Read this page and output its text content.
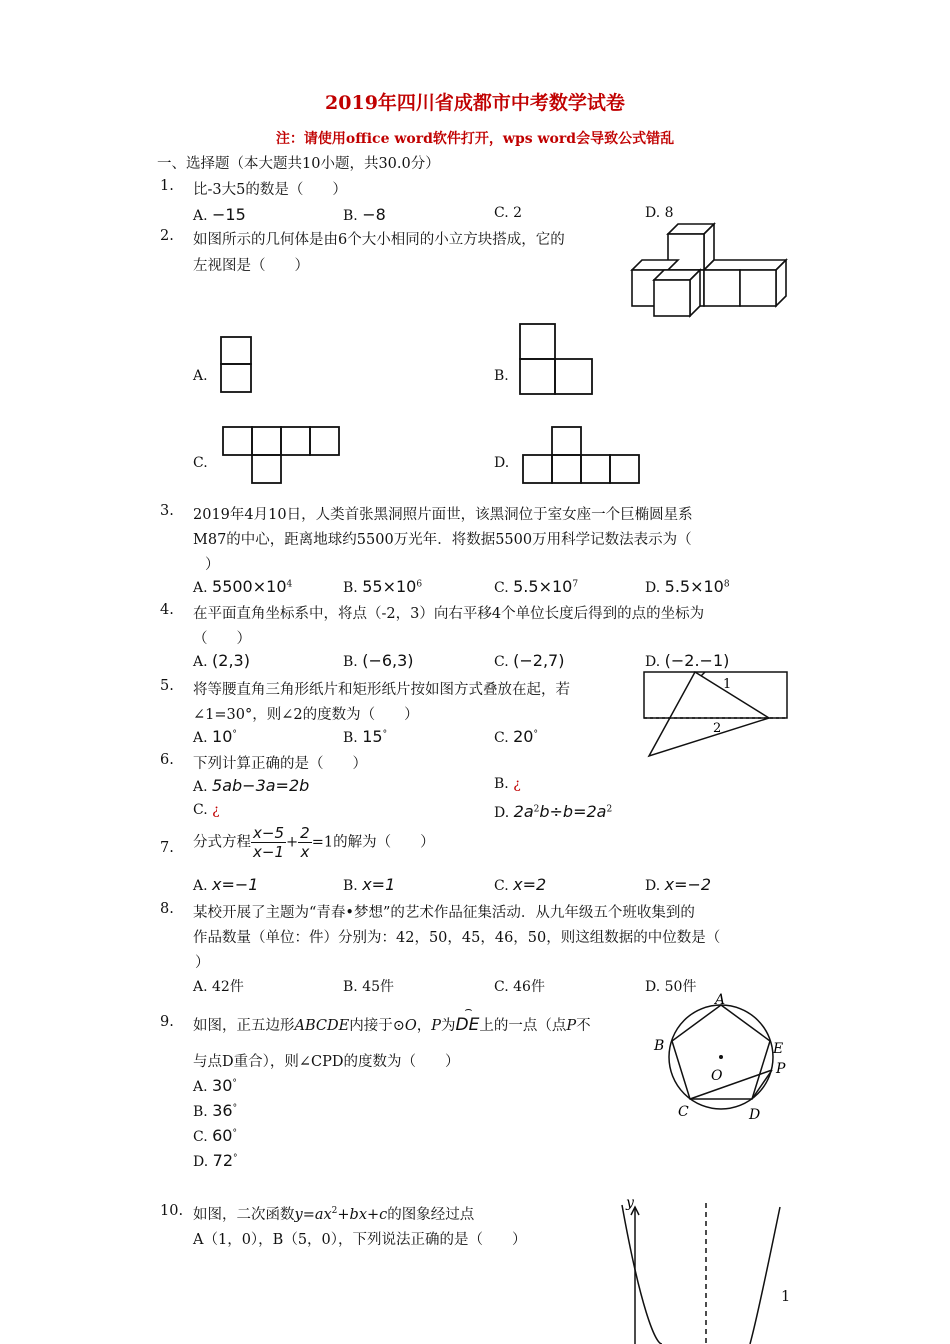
2019年四川省成都市中考数学试卷
注：请使用office word软件打开，wps word会导致公式错乱
一、选择题（本大题共10小题，共30.0分）
1. 比-3大5的数是（　　）
A. −15	B. −8	C. 2	D. 8
2. 如图所示的几何体是由6个大小相同的小立方块搭成，它的
左视图是（　　）
A.	B.
C.	D.
3. 2019年4月10日，人类首张黑洞照片面世，该黑洞位于室女座一个巨椭圆星系
M87的中心，距离地球约5500万光年．将数据5500万用科学记数法表示为（
）
A. $5500\times 10^4$	B. $55\times 10^6$	C. $5.5\times 10^7$	D. $5.5\times 10^8$
4. 在平面直角坐标系中，将点（-2，3）向右平移4个单位长度后得到的点的坐标为
（　　）
A. (2,3)	B. (−6,3)	C. (−2,7)	D. (−2.−1)
5. 将等腰直角三角形纸片和矩形纸片按如图方式叠放在起，若
∠1=30°，则∠2的度数为（　　）
A. 10°	B. 15°	C. 20°
1
2
6. 下列计算正确的是（　　）
A. 5ab−3a=2b	B. ¿
C. ¿	D. $2a^2b\div b=2a^2$
7. 分式方程 $\frac{x-5}{x-1} + \frac{2}{x} =1$的解为（　　）
A. x=−1	B. x=1	C. x=2	D. x=−2
8. 某校开展了主题为“青春•梦想”的艺术作品征集活动．从九年级五个班收集到的
作品数量（单位：件）分别为：42，50，45，46，50，则这组数据的中位数是（
）
A. 42件	B. 45件	C. 46件	D. 50件
9. 如图，正五边形ABCDE内接于⊙O，P为
⌢
DE上的一点（点P不
与点D重合），则∠CPD的度数为（　　）
A. 30°
B. 36°
C. 60°
D. 72°
A
B
C	D
E
P
O
10. 如图，二次函数$y=ax^2+bx+c$的图象经过点
A（1，0），B（5，0），下列说法正确的是（　　）
y
1
